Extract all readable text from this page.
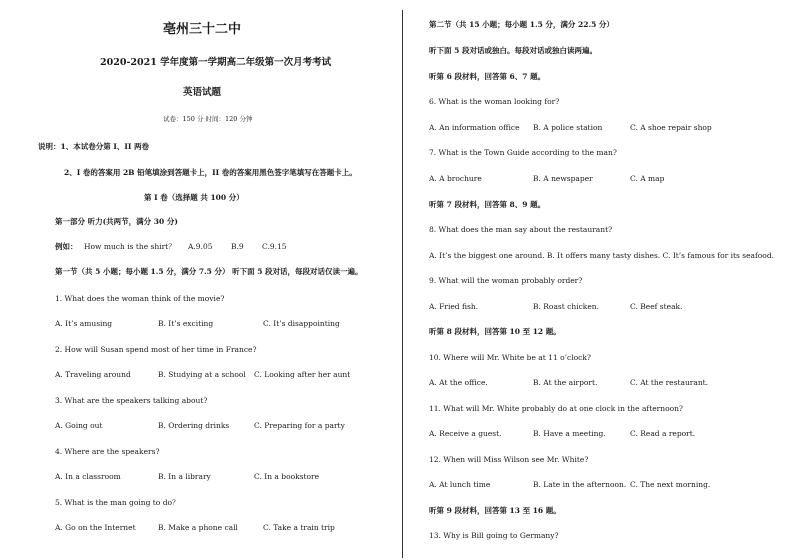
亳州三十二中
2020-2021 学年度第一学期高二年级第一次月考考试
英语试题
试卷：150 分 时间：120 分钟
说明：1、本试卷分第 I、II 两卷
2、I 卷的答案用 2B 铅笔填涂到答题卡上，II 卷的答案用黑色签字笔填写在答题卡上。
第 I 卷（选择题 共 100 分）
第一部分 听力(共两节，满分 30 分)
例如： How much is the shirt？ A.9.05 B.9 C.9.15
第一节（共 5 小题；每小题 1.5 分，满分 7.5 分） 听下面 5 段对话，每段对话仅读一遍。
1. What does the woman think of the movie?
A. It’s amusing	B. It’s exciting	C. It’s disappointing
2. How will Susan spend most of her time in France?
A. Traveling around	B. Studying at a school C. Looking after her aunt
3. What are the speakers talking about?
A. Going out	B. Ordering drinks	C. Preparing for a party
4. Where are the speakers?
A. In a classroom	B. In a library	C. In a bookstore
5. What is the man going to do？
A. Go on the Internet	B. Make a phone call	C. Take a train trip
第二节（共 15 小题；每小题 1.5 分，满分 22.5 分）
听下面 5 段对话或独白。每段对话或独白读两遍。
听第 6 段材料，回答第 6、7 题。
6. What is the woman looking for?
A. An information office B. A police station	C. A shoe repair shop
7. What is the Town Guide according to the man?
A. A brochure	B. A newspaper	C. A map
听第 7 段材料，回答第 8、9 题。
8. What does the man say about the restaurant?
A. It’s the biggest one around. B. It offers many tasty dishes. C. It’s famous for its seafood.
9. What will the woman probably order?
A. Fried fish.	B. Roast chicken.	C. Beef steak.
听第 8 段材料，回答第 10 至 12 题。
10. Where will Mr. White be at 11 o’clock?
A. At the office.	B. At the airport.	C. At the restaurant.
11. What will Mr. White probably do at one clock in the afternoon?
A. Receive a guest.	B. Have a meeting.	C. Read a report.
12. When will Miss Wilson see Mr. White?
A. At lunch time	B. Late in the afternoon. C. The next morning.
听第 9 段材料，回答第 13 至 16 题。
13. Why is Bill going to Germany?
